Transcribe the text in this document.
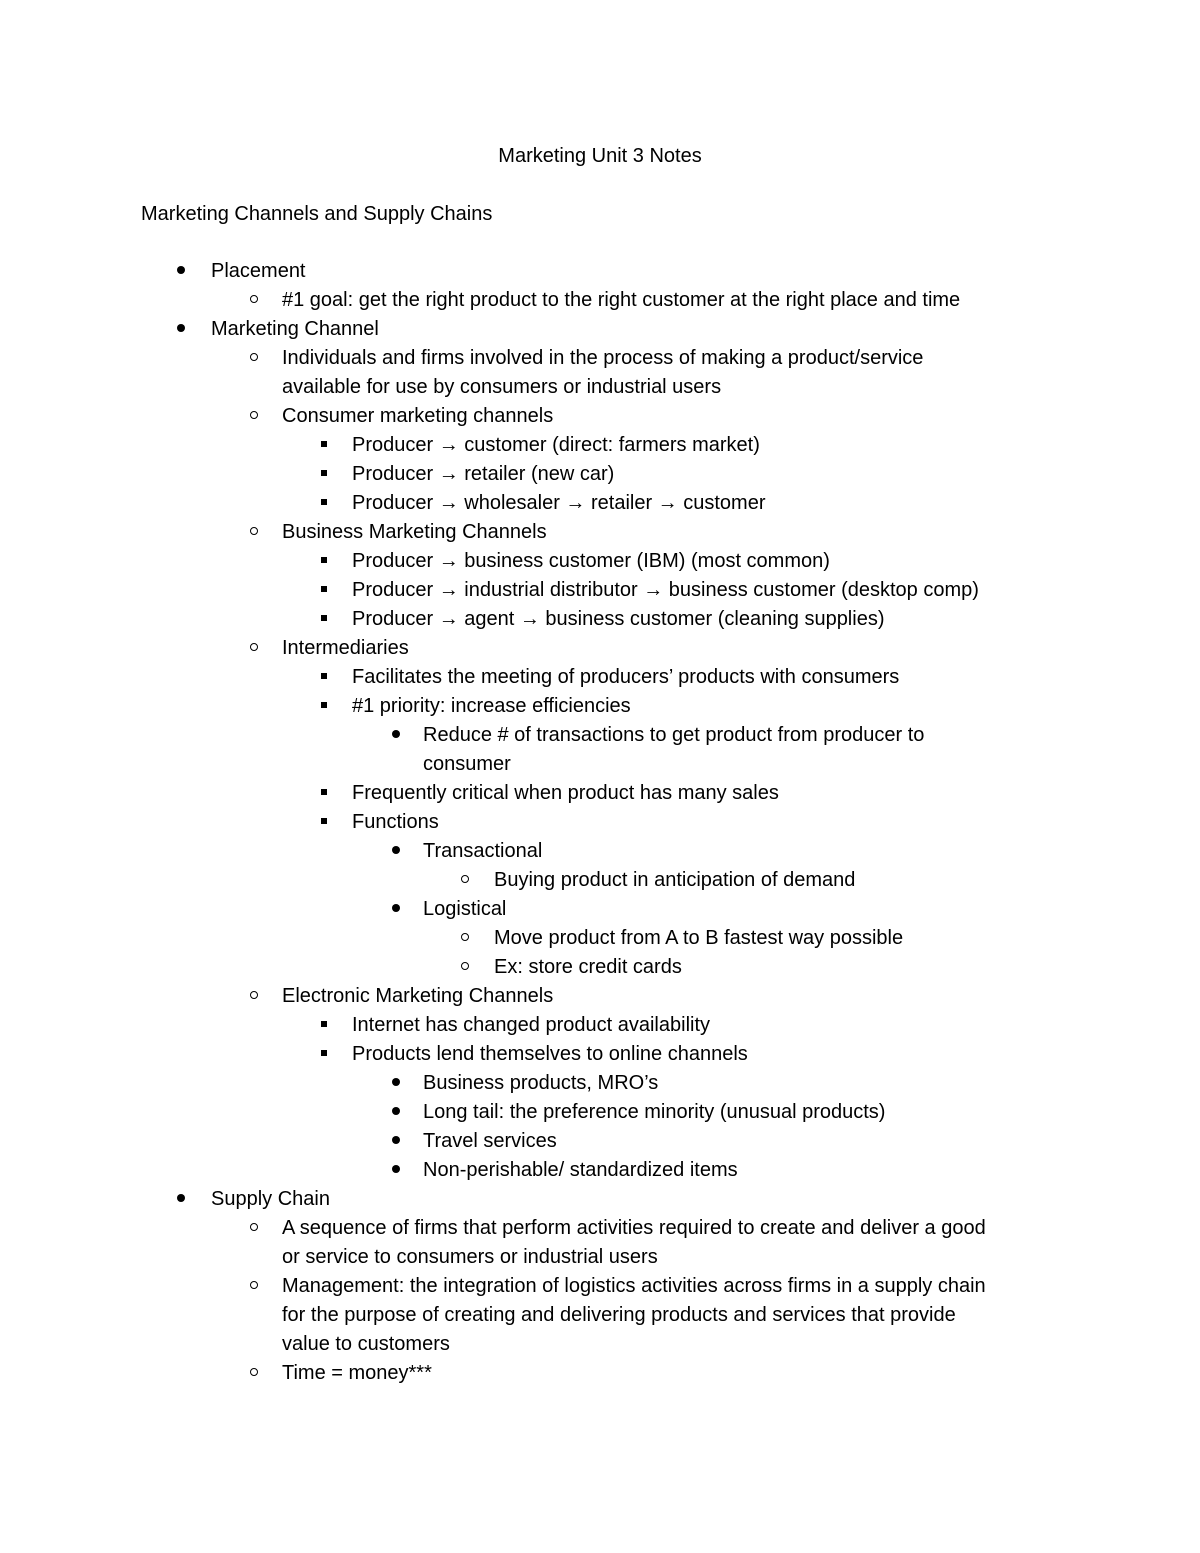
Marketing Unit 3 Notes
Marketing Channels and Supply Chains
Placement
#1 goal: get the right product to the right customer at the right place and time
Marketing Channel
Individuals and firms involved in the process of making a product/service
available for use by consumers or industrial users
Consumer marketing channels
Producer → customer (direct: farmers market)
Producer → retailer (new car)
Producer → wholesaler → retailer → customer
Business Marketing Channels
Producer → business customer (IBM) (most common)
Producer → industrial distributor → business customer (desktop comp)
Producer → agent → business customer (cleaning supplies)
Intermediaries
Facilitates the meeting of producers’ products with consumers
#1 priority: increase efficiencies
Reduce # of transactions to get product from producer to
consumer
Frequently critical when product has many sales
Functions
Transactional
Buying product in anticipation of demand
Logistical
Move product from A to B fastest way possible
Ex: store credit cards
Electronic Marketing Channels
Internet has changed product availability
Products lend themselves to online channels
Business products, MRO’s
Long tail: the preference minority (unusual products)
Travel services
Non-perishable/ standardized items
Supply Chain
A sequence of firms that perform activities required to create and deliver a good
or service to consumers or industrial users
Management: the integration of logistics activities across firms in a supply chain
for the purpose of creating and delivering products and services that provide
value to customers
Time = money***
